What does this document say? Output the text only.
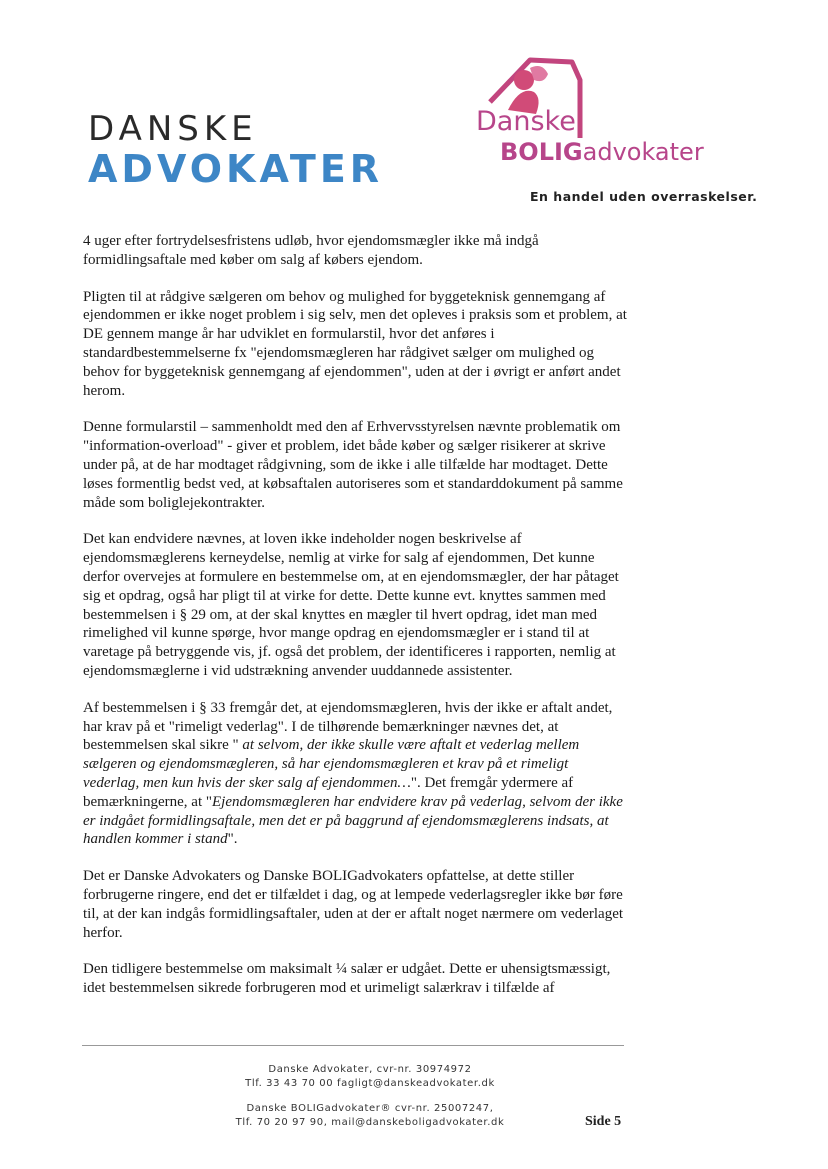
DANSKE
ADVOKATER
Danske
BOLIGadvokater
En handel uden overraskelser.

4 uger efter fortrydelsesfristens udløb, hvor ejendomsmægler ikke må indgå formidlingsaftale med køber om salg af købers ejendom.

Pligten til at rådgive sælgeren om behov og mulighed for byggeteknisk gennemgang af ejendommen er ikke noget problem i sig selv, men det opleves i praksis som et problem, at DE gennem mange år har udviklet en formularstil, hvor det anføres i standardbestemmelserne fx "ejendomsmægleren har rådgivet sælger om mulighed og behov for byggeteknisk gennemgang af ejendommen", uden at der i øvrigt er anført andet herom.

Denne formularstil – sammenholdt med den af Erhvervsstyrelsen nævnte problematik om "information-overload" - giver et problem, idet både køber og sælger risikerer at skrive under på, at de har modtaget rådgivning, som de ikke i alle tilfælde har modtaget. Dette løses formentlig bedst ved, at købsaftalen autoriseres som et standarddokument på samme måde som boliglejekontrakter.

Det kan endvidere nævnes, at loven ikke indeholder nogen beskrivelse af ejendomsmæglerens kerneydelse, nemlig at virke for salg af ejendommen, Det kunne derfor overvejes at formulere en bestemmelse om, at en ejendomsmægler, der har påtaget sig et opdrag, også har pligt til at virke for dette. Dette kunne evt. knyttes sammen med bestemmelsen i § 29 om, at der skal knyttes en mægler til hvert opdrag, idet man med rimelighed vil kunne spørge, hvor mange opdrag en ejendomsmægler er i stand til at varetage på betryggende vis, jf. også det problem, der identificeres i rapporten, nemlig at ejendomsmæglerne i vid udstrækning anvender uuddannede assistenter.

Af bestemmelsen i § 33 fremgår det, at ejendomsmægleren, hvis der ikke er aftalt andet, har krav på et "rimeligt vederlag". I de tilhørende bemærkninger nævnes det, at bestemmelsen skal sikre " at selvom, der ikke skulle være aftalt et vederlag mellem sælgeren og ejendomsmægleren, så har ejendomsmægleren et krav på et rimeligt vederlag, men kun hvis der sker salg af ejendommen…". Det fremgår ydermere af bemærkningerne, at "Ejendomsmægleren har endvidere krav på vederlag, selvom der ikke er indgået formidlingsaftale, men det er på baggrund af ejendomsmæglerens indsats, at handlen kommer i stand".

Det er Danske Advokaters og Danske BOLIGadvokaters opfattelse, at dette stiller forbrugerne ringere, end det er tilfældet i dag, og at lempede vederlagsregler ikke bør føre til, at der kan indgås formidlingsaftaler, uden at der er aftalt noget nærmere om vederlaget herfor.

Den tidligere bestemmelse om maksimalt ¼ salær er udgået. Dette er uhensigtsmæssigt, idet bestemmelsen sikrede forbrugeren mod et urimeligt salærkrav i tilfælde af

Danske Advokater, cvr-nr. 30974972
Tlf. 33 43 70 00 fagligt@danskeadvokater.dk
Danske BOLIGadvokater® cvr-nr. 25007247,
Tlf. 70 20 97 90, mail@danskeboligadvokater.dk	Side 5
